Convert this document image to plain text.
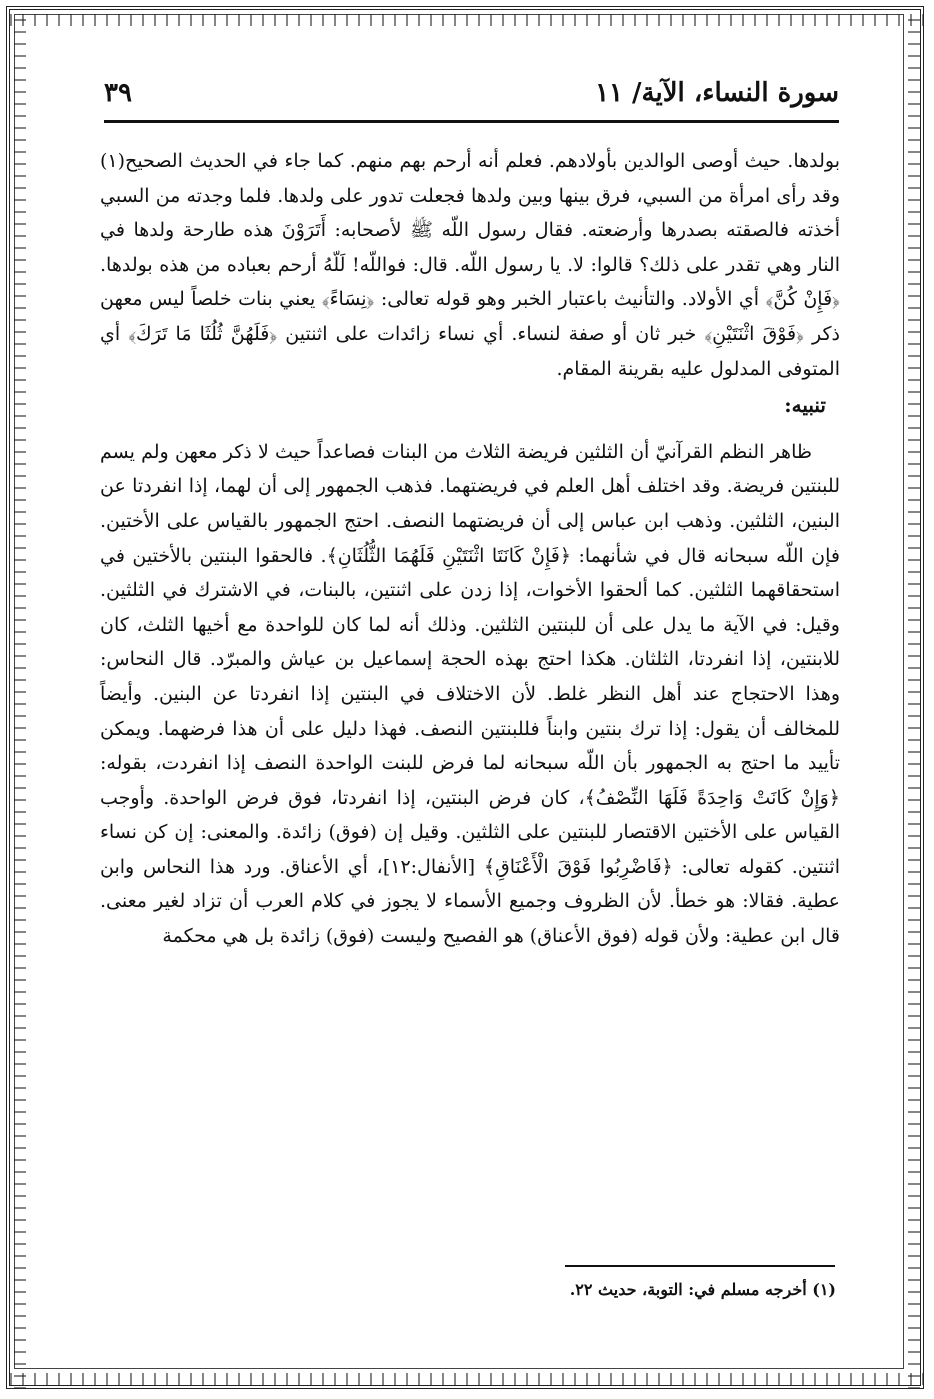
سورة النساء، الآية/ ١١
٣٩

بولدها. حيث أوصى الوالدين بأولادهم. فعلم أنه أرحم بهم منهم. كما جاء في الحديث الصحيح(١) وقد رأى امرأة من السبي، فرق بينها وبين ولدها فجعلت تدور على ولدها. فلما وجدته من السبي أخذته فالصقته بصدرها وأرضعته. فقال رسول اللّه ﷺ لأصحابه: أَتَرَوْنَ هذه طارحة ولدها في النار وهي تقدر على ذلك؟ قالوا: لا. يا رسول اللّه. قال: فواللّه! لَلّهُ أرحم بعباده من هذه بولدها. ﴿فَإِنْ كُنَّ﴾ أي الأولاد. والتأنيث باعتبار الخبر وهو قوله تعالى: ﴿نِسَاءً﴾ يعني بنات خلصاً ليس معهن ذكر ﴿فَوْقَ اثْنَتَيْنِ﴾ خبر ثان أو صفة لنساء. أي نساء زائدات على اثنتين ﴿فَلَهُنَّ ثُلُثَا مَا تَرَكَ﴾ أي المتوفى المدلول عليه بقرينة المقام.

تنبيه:

ظاهر النظم القرآنيّ أن الثلثين فريضة الثلاث من البنات فصاعداً حيث لا ذكر معهن ولم يسم للبنتين فريضة. وقد اختلف أهل العلم في فريضتهما. فذهب الجمهور إلى أن لهما، إذا انفردتا عن البنين، الثلثين. وذهب ابن عباس إلى أن فريضتهما النصف. احتج الجمهور بالقياس على الأختين. فإن اللّه سبحانه قال في شأنهما: ﴿فَإِنْ كَانَتَا اثْنَتَيْنِ فَلَهُمَا الثُّلُثَانِ﴾. فالحقوا البنتين بالأختين في استحقاقهما الثلثين. كما ألحقوا الأخوات، إذا زدن على اثنتين، بالبنات، في الاشترك في الثلثين. وقيل: في الآية ما يدل على أن للبنتين الثلثين. وذلك أنه لما كان للواحدة مع أخيها الثلث، كان للابنتين، إذا انفردتا، الثلثان. هكذا احتج بهذه الحجة إسماعيل بن عياش والمبرّد. قال النحاس: وهذا الاحتجاج عند أهل النظر غلط. لأن الاختلاف في البنتين إذا انفردتا عن البنين. وأيضاً للمخالف أن يقول: إذا ترك بنتين وابناً فللبنتين النصف. فهذا دليل على أن هذا فرضهما. ويمكن تأييد ما احتج به الجمهور بأن اللّه سبحانه لما فرض للبنت الواحدة النصف إذا انفردت، بقوله: ﴿وَإِنْ كَانَتْ وَاحِدَةً فَلَهَا النِّصْفُ﴾، كان فرض البنتين، إذا انفردتا، فوق فرض الواحدة. وأوجب القياس على الأختين الاقتصار للبنتين على الثلثين. وقيل إن (فوق) زائدة. والمعنى: إن كن نساء اثنتين. كقوله تعالى: ﴿فَاضْرِبُوا فَوْقَ الْأَعْنَاقِ﴾ [الأنفال:١٢]، أي الأعناق. ورد هذا النحاس وابن عطية. فقالا: هو خطأ. لأن الظروف وجميع الأسماء لا يجوز في كلام العرب أن تزاد لغير معنى. قال ابن عطية: ولأن قوله (فوق الأعناق) هو الفصيح وليست (فوق) زائدة بل هي محكمة

(١) أخرجه مسلم في: التوبة، حديث ٢٢.
